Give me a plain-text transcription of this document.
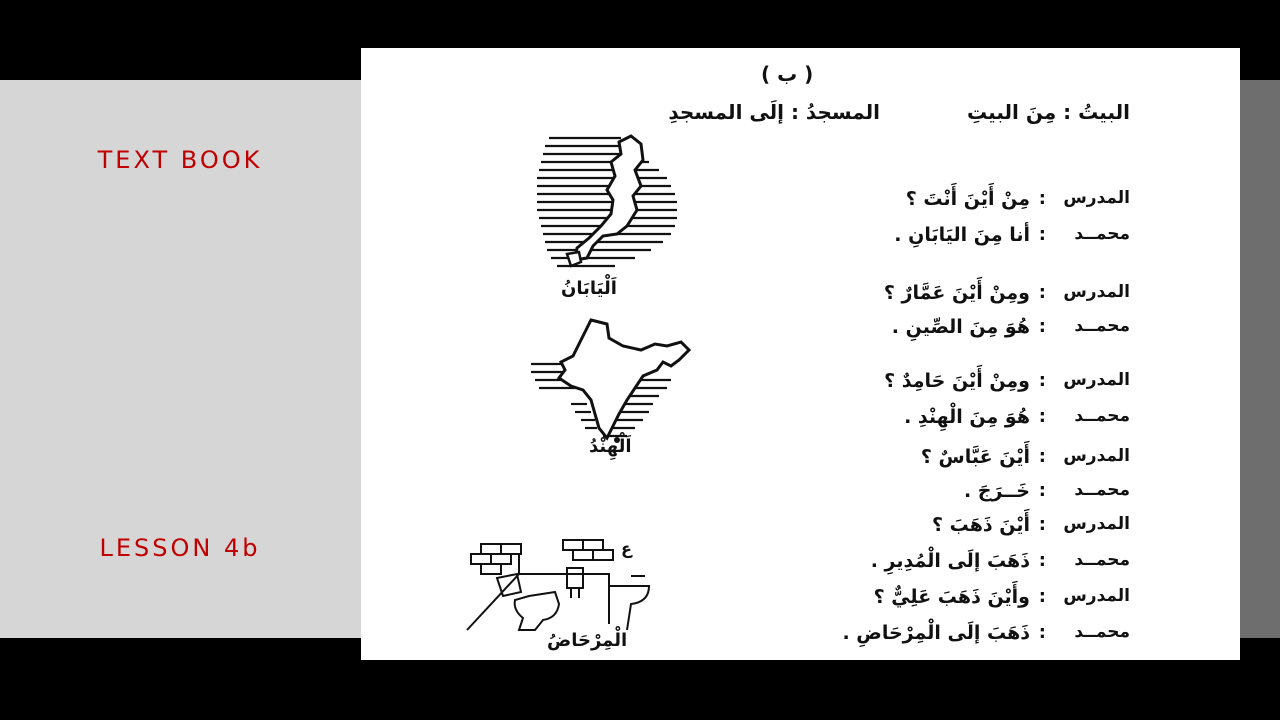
TEXT BOOK
LESSON 4b
( ب )
البيتُ : مِنَ البيتِ
المسجدُ : إلَى المسجدِ
اَلْيَابَانُ
اَلْهِنْدُ
ع
الْمِرْحَاضُ
المدرس
:
مِنْ أَيْنَ أَنْتَ ؟
محمــد
:
أنا مِنَ اليَابَانِ .
المدرس
:
ومِنْ أَيْنَ عَمَّارٌ ؟
محمــد
:
هُوَ مِنَ الصِّينِ .
المدرس
:
ومِنْ أَيْنَ حَامِدٌ ؟
محمــد
:
هُوَ مِنَ الْهِنْدِ .
المدرس
:
أَيْنَ عَبَّاسٌ ؟
محمــد
:
خَــرَجَ .
المدرس
:
أَيْنَ ذَهَبَ ؟
محمــد
:
ذَهَبَ إلَى الْمُدِيرِ .
المدرس
:
وأَيْنَ ذَهَبَ عَلِيٌّ ؟
محمــد
:
ذَهَبَ إلَى الْمِرْحَاضِ .
